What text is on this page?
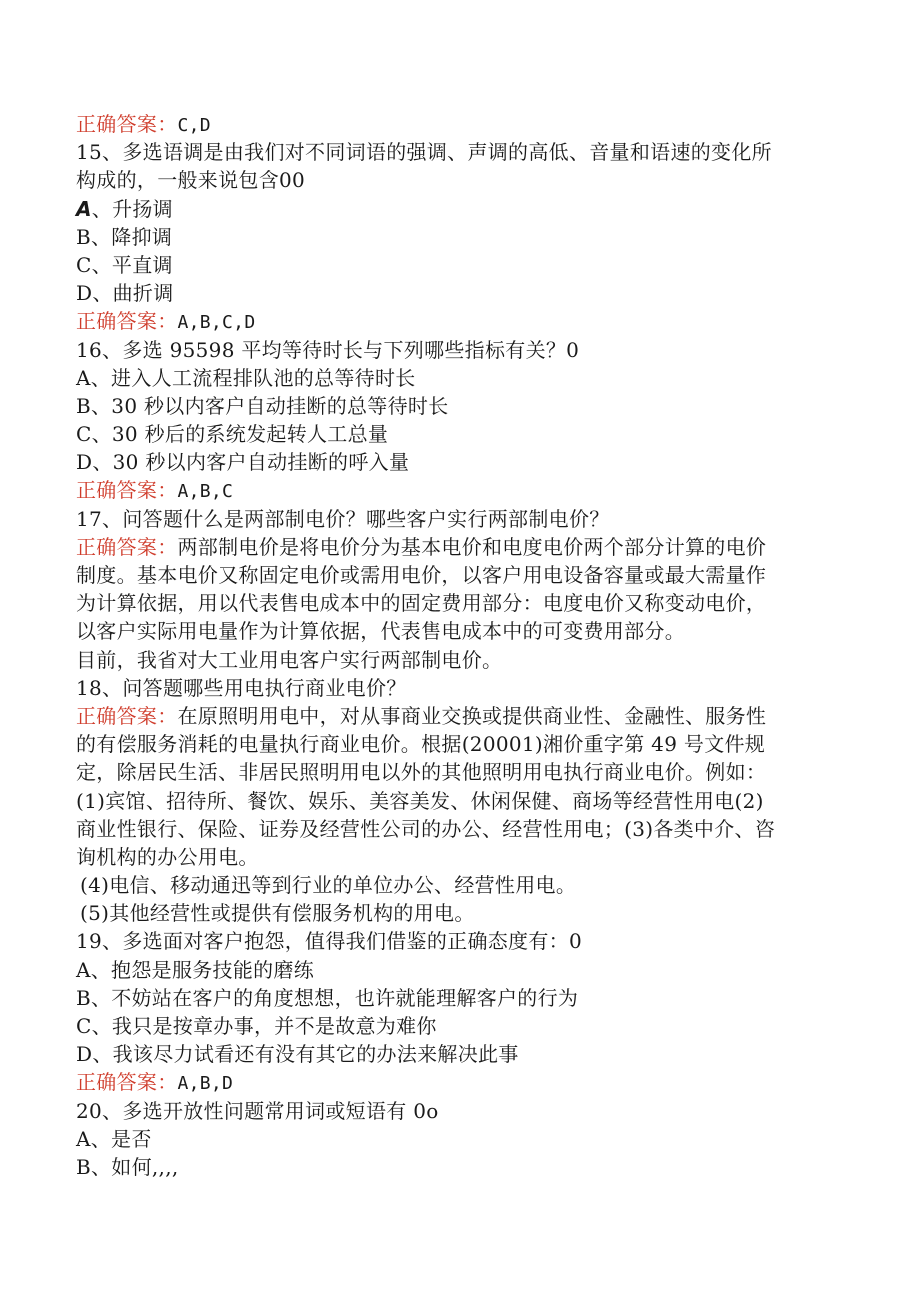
正确答案：C,D
15、多选语调是由我们对不同词语的强调、声调的高低、音量和语速的变化所
构成的，一般来说包含00
A、升扬调
B、降抑调
C、平直调
D、曲折调
正确答案：A,B,C,D
16、多选 95598 平均等待时长与下列哪些指标有关？0
A、进入人工流程排队池的总等待时长
B、30 秒以内客户自动挂断的总等待时长
C、30 秒后的系统发起转人工总量
D、30 秒以内客户自动挂断的呼入量
正确答案：A,B,C
17、问答题什么是两部制电价？哪些客户实行两部制电价？
正确答案：两部制电价是将电价分为基本电价和电度电价两个部分计算的电价
制度。基本电价又称固定电价或需用电价，以客户用电设备容量或最大需量作
为计算依据，用以代表售电成本中的固定费用部分：电度电价又称变动电价，
以客户实际用电量作为计算依据，代表售电成本中的可变费用部分。
目前，我省对大工业用电客户实行两部制电价。
18、问答题哪些用电执行商业电价？
正确答案：在原照明用电中，对从事商业交换或提供商业性、金融性、服务性
的有偿服务消耗的电量执行商业电价。根据(20001)湘价重字第 49 号文件规
定，除居民生活、非居民照明用电以外的其他照明用电执行商业电价。例如：
(1)宾馆、招待所、餐饮、娱乐、美容美发、休闲保健、商场等经营性用电(2)
商业性银行、保险、证券及经营性公司的办公、经营性用电；(3)各类中介、咨
询机构的办公用电。
(4)电信、移动通迅等到行业的单位办公、经营性用电。
(5)其他经营性或提供有偿服务机构的用电。
19、多选面对客户抱怨，值得我们借鉴的正确态度有：0
A、抱怨是服务技能的磨练
B、不妨站在客户的角度想想，也许就能理解客户的行为
C、我只是按章办事，并不是故意为难你
D、我该尽力试看还有没有其它的办法来解决此事
正确答案：A,B,D
20、多选开放性问题常用词或短语有 0o
A、是否
B、如何,,,,
